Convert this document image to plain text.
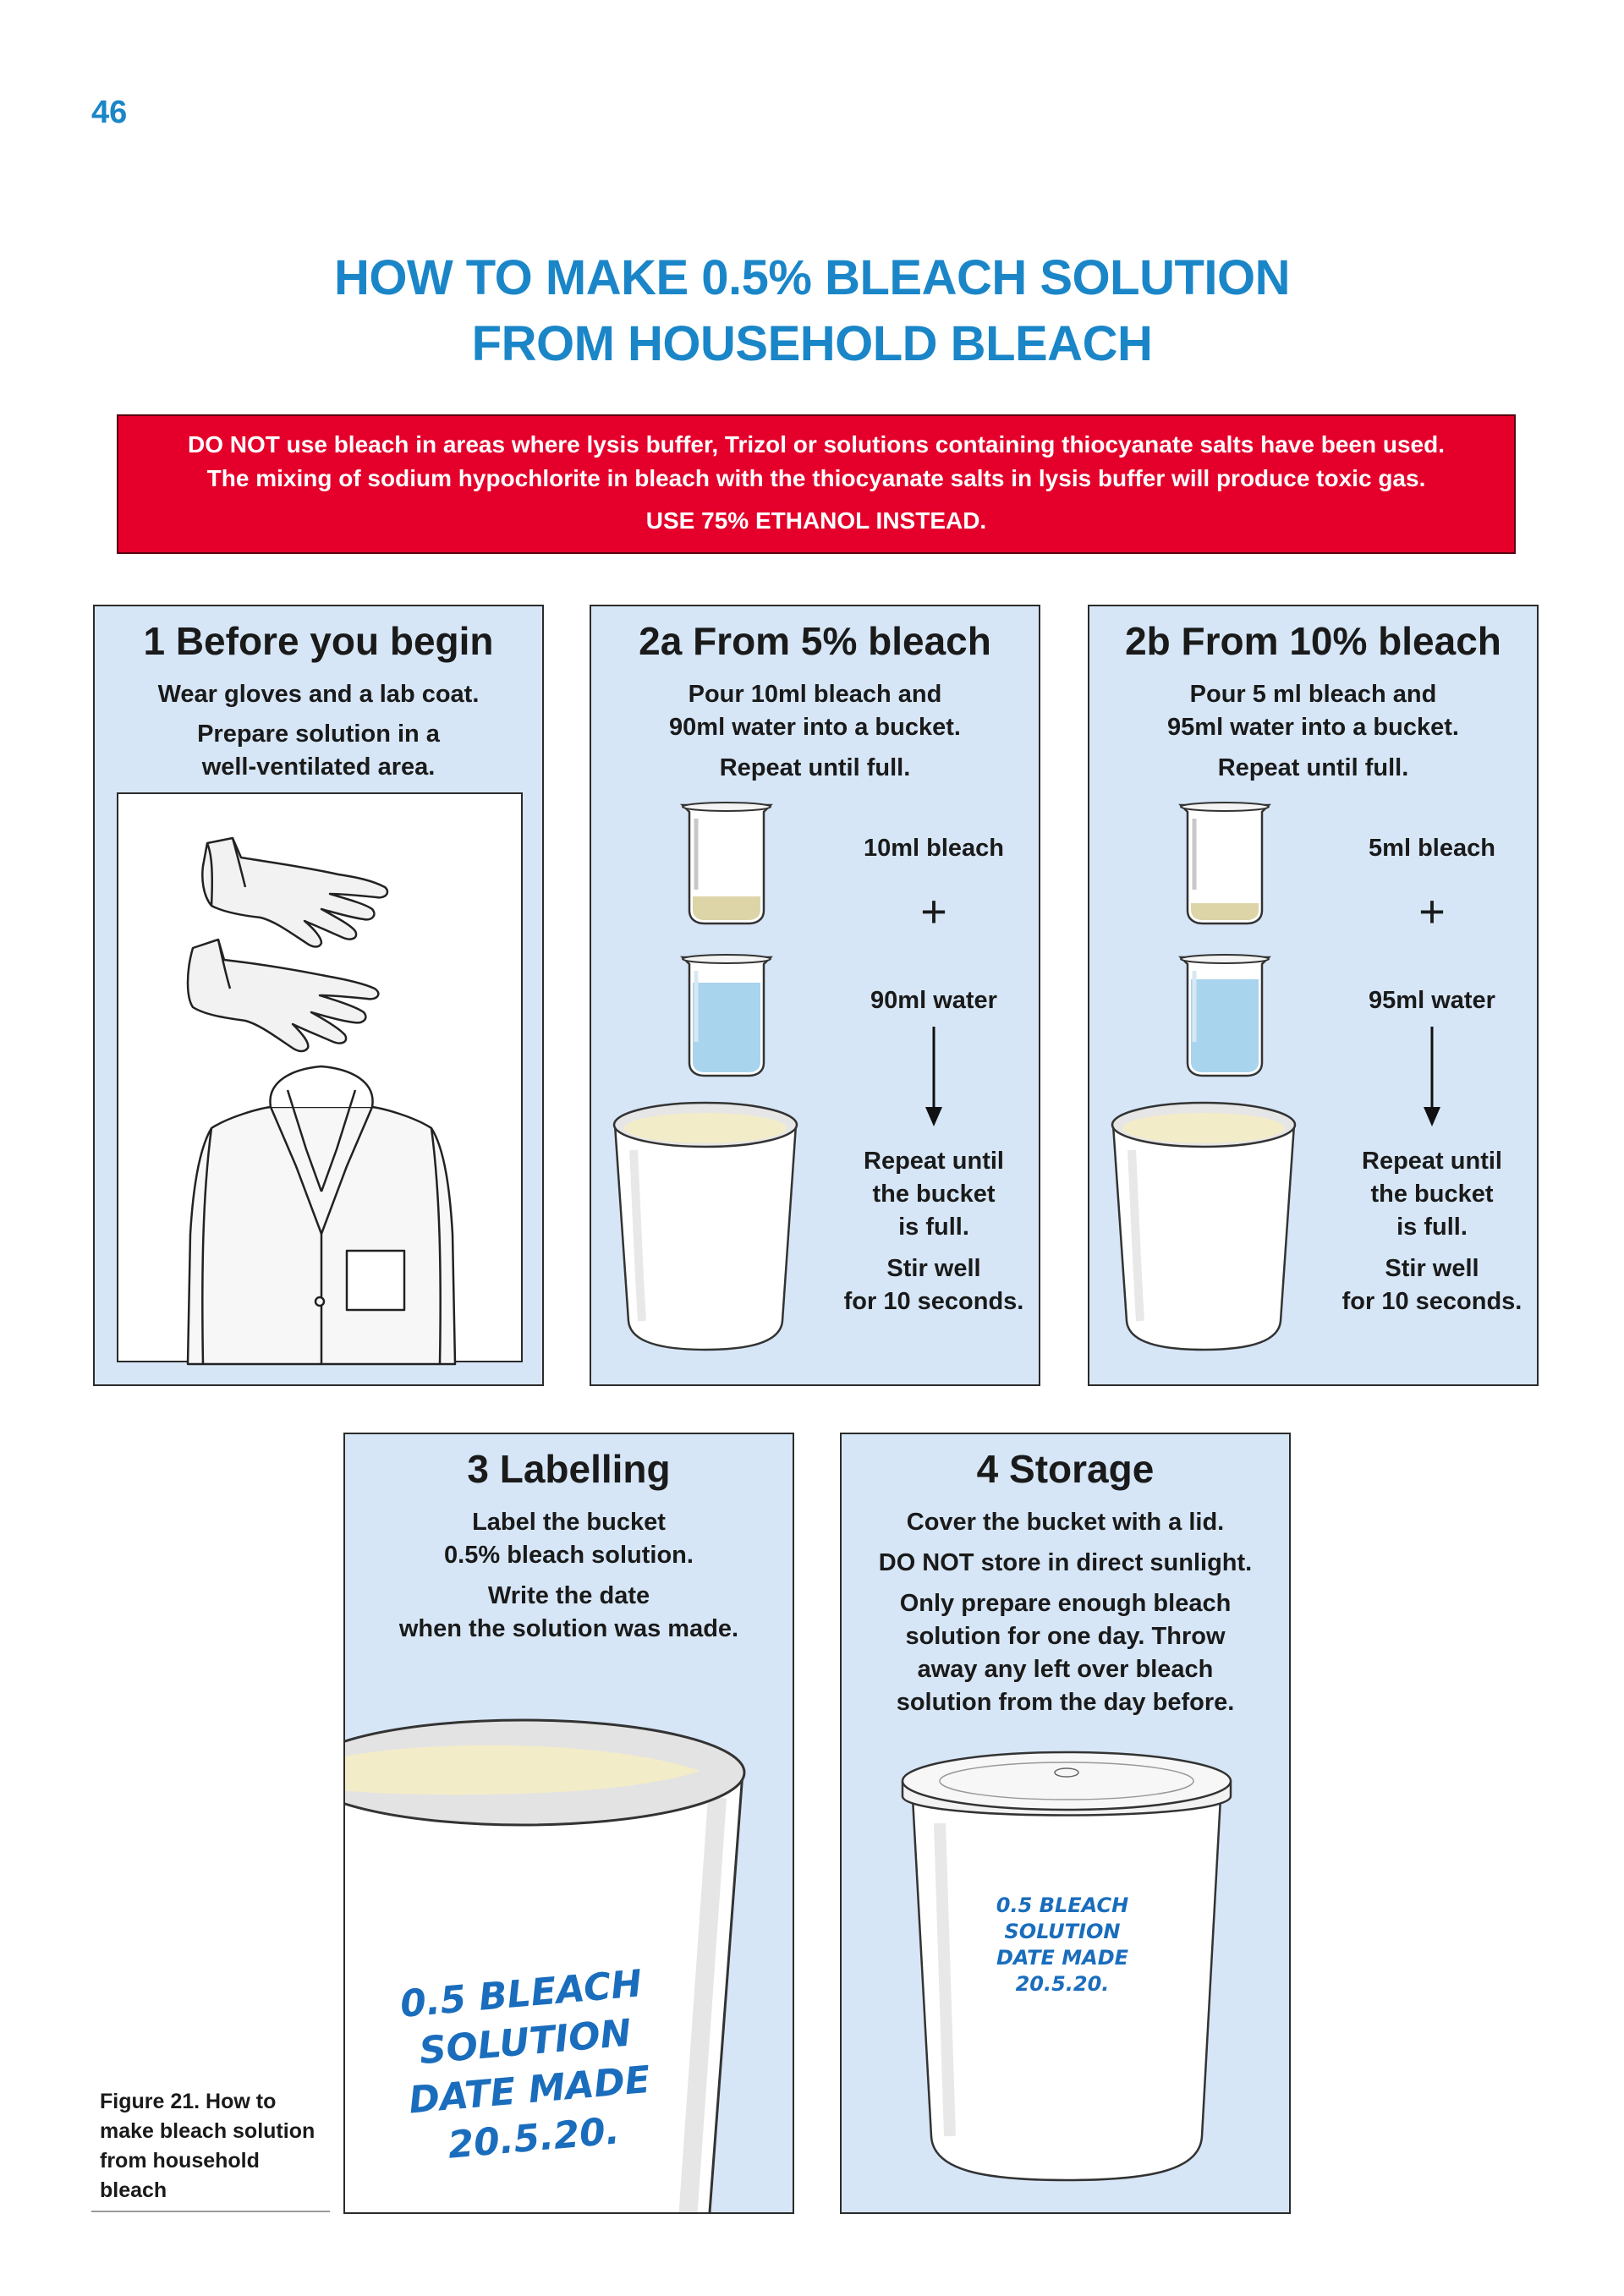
46
HOW TO MAKE 0.5% BLEACH SOLUTION
FROM HOUSEHOLD BLEACH
DO NOT use bleach in areas where lysis buffer, Trizol or solutions containing thiocyanate salts have been used.
The mixing of sodium hypochlorite in bleach with the thiocyanate salts in lysis buffer will produce toxic gas.
USE 75% ETHANOL INSTEAD.
1 Before you begin
Wear gloves and a lab coat.
Prepare solution in a
well-ventilated area.
2a From 5% bleach
Pour 10ml bleach and
90ml water into a bucket.
Repeat until full.
10ml bleach
+
90ml water
Repeat until
the bucket
is full.
Stir well
for 10 seconds.
2b From 10% bleach
Pour 5 ml bleach and
95ml water into a bucket.
Repeat until full.
5ml bleach
+
95ml water
Repeat until
the bucket
is full.
Stir well
for 10 seconds.
3 Labelling
Label the bucket
0.5% bleach solution.
Write the date
when the solution was made.
0.5 BLEACH
SOLUTION
DATE MADE
20.5.20.
4 Storage
Cover the bucket with a lid.
DO NOT store in direct sunlight.
Only prepare enough bleach
solution for one day. Throw
away any left over bleach
solution from the day before.
0.5 BLEACH
SOLUTION
DATE MADE
20.5.20.
Figure 21. How to
make bleach solution
from household
bleach
